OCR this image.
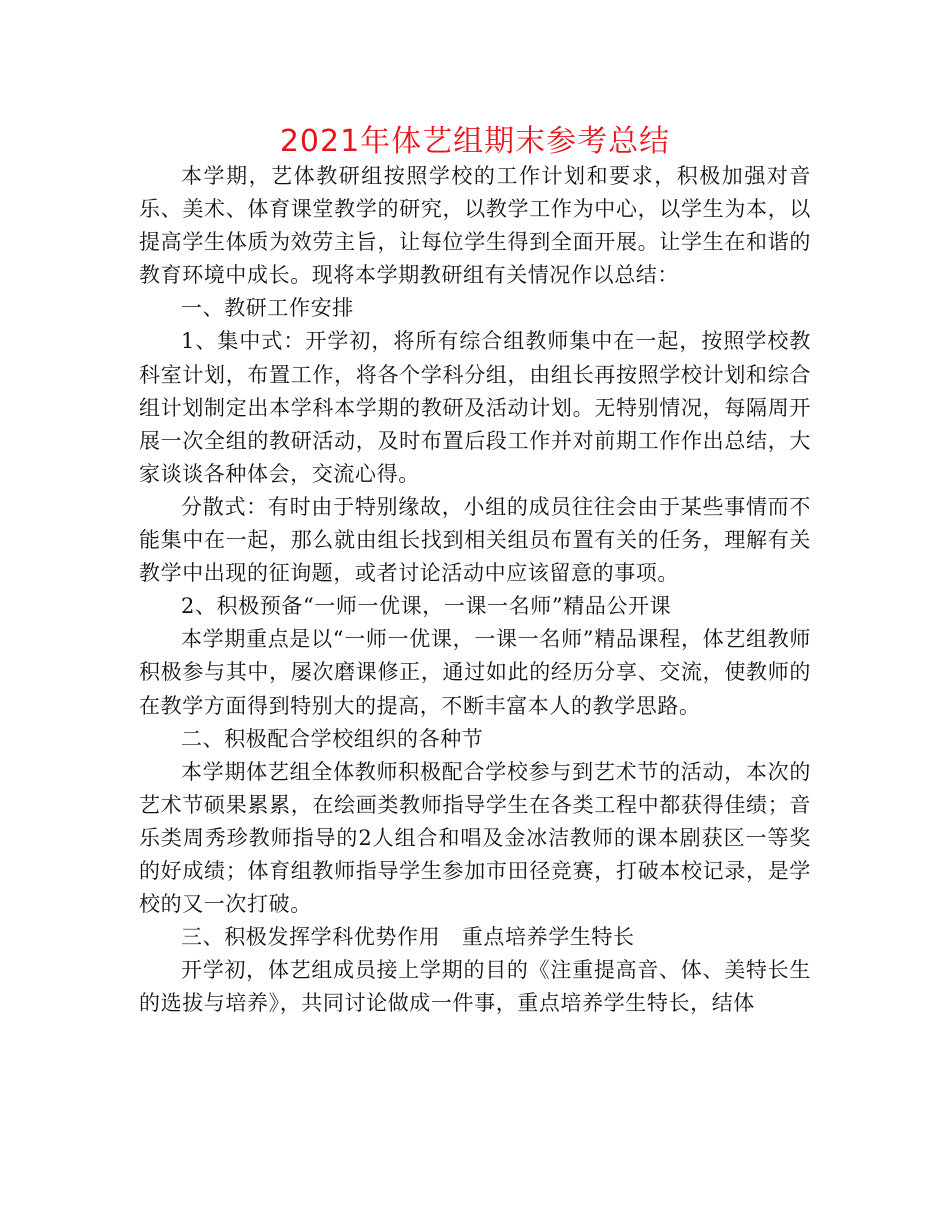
2021年体艺组期末参考总结

本学期，艺体教研组按照学校的工作计划和要求，积极加强对音乐、美术、体育课堂教学的研究，以教学工作为中心，以学生为本，以提高学生体质为效劳主旨，让每位学生得到全面开展。让学生在和谐的教育环境中成长。现将本学期教研组有关情况作以总结：

一、教研工作安排

1、集中式：开学初，将所有综合组教师集中在一起，按照学校教科室计划，布置工作，将各个学科分组，由组长再按照学校计划和综合组计划制定出本学科本学期的教研及活动计划。无特别情况，每隔周开展一次全组的教研活动，及时布置后段工作并对前期工作作出总结，大家谈谈各种体会，交流心得。

分散式：有时由于特别缘故，小组的成员往往会由于某些事情而不能集中在一起，那么就由组长找到相关组员布置有关的任务，理解有关教学中出现的征询题，或者讨论活动中应该留意的事项。

2、积极预备“一师一优课，一课一名师”精品公开课

本学期重点是以“一师一优课，一课一名师”精品课程，体艺组教师积极参与其中，屡次磨课修正，通过如此的经历分享、交流，使教师的在教学方面得到特别大的提高，不断丰富本人的教学思路。

二、积极配合学校组织的各种节

本学期体艺组全体教师积极配合学校参与到艺术节的活动，本次的艺术节硕果累累，在绘画类教师指导学生在各类工程中都获得佳绩；音乐类周秀珍教师指导的2人组合和唱及金冰洁教师的课本剧获区一等奖的好成绩；体育组教师指导学生参加市田径竞赛，打破本校记录，是学校的又一次打破。

三、积极发挥学科优势作用　重点培养学生特长

开学初，体艺组成员接上学期的目的《注重提高音、体、美特长生的选拔与培养》，共同讨论做成一件事，重点培养学生特长，结体
